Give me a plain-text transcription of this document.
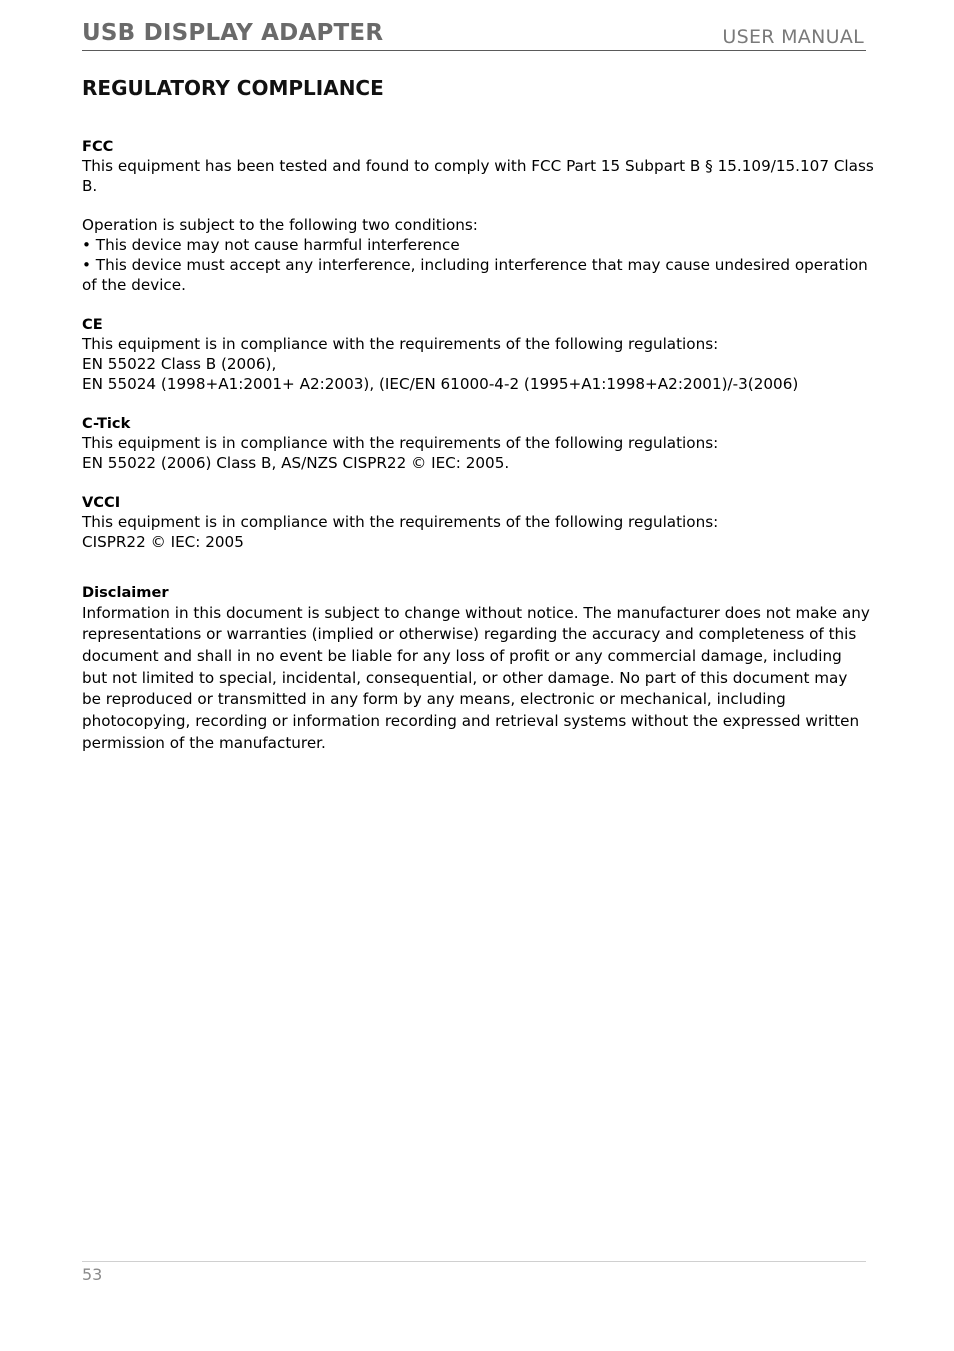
USB DISPLAY ADAPTER	USER MANUAL
REGULATORY COMPLIANCE

FCC

This equipment has been tested and found to comply with FCC Part 15 Subpart B § 15.109/15.107 Class

B.

Operation is subject to the following two conditions:

• This device may not cause harmful interference

• This device must accept any interference, including interference that may cause undesired operation

of the device.

CE

This equipment is in compliance with the requirements of the following regulations:

EN 55022 Class B (2006),

EN 55024 (1998+A1:2001+ A2:2003), (IEC/EN 61000-4-2 (1995+A1:1998+A2:2001)/-3(2006)

C-Tick

This equipment is in compliance with the requirements of the following regulations:

EN 55022 (2006) Class B, AS/NZS CISPR22 © IEC: 2005.

VCCI

This equipment is in compliance with the requirements of the following regulations:

CISPR22 © IEC: 2005

Disclaimer

Information in this document is subject to change without notice. The manufacturer does not make any

representations or warranties (implied or otherwise) regarding the accuracy and completeness of this

document and shall in no event be liable for any loss of profit or any commercial damage, including

but not limited to special, incidental, consequential, or other damage. No part of this document may

be reproduced or transmitted in any form by any means, electronic or mechanical, including

photocopying, recording or information recording and retrieval systems without the expressed written

permission of the manufacturer.

53
